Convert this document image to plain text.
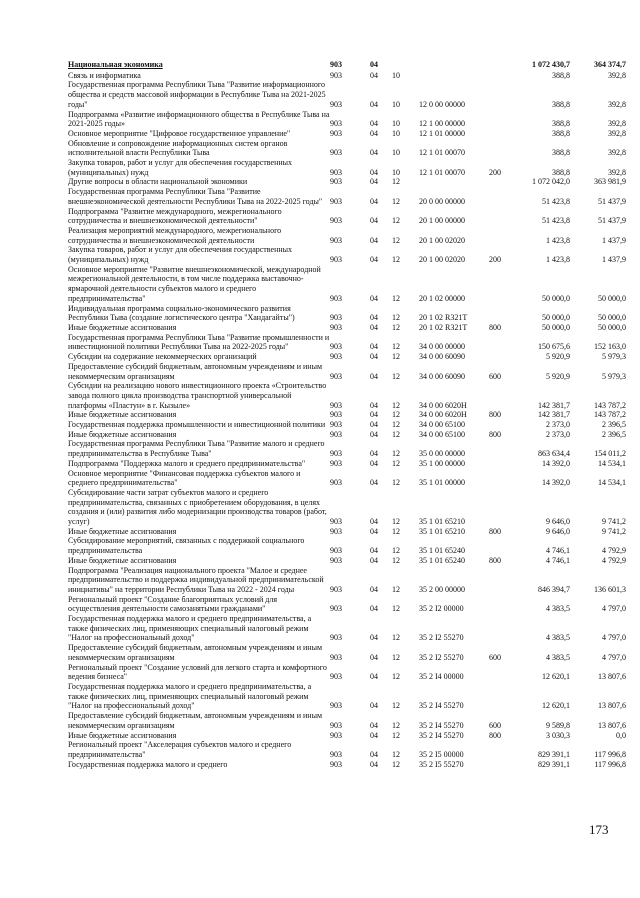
Национальная экономика	903	04				1 072 430,7	364 374,7
Связь и информатика	903	04	10			388,8	392,8
Государственная программа Республики Тыва "Развитие информационного общества и средств массовой информации в Республике Тыва на 2021-2025 годы"	903	04	10	12 0 00 00000		388,8	392,8
Подпрограмма «Развитие информационного общества в Республике Тыва на 2021-2025 годы»	903	04	10	12 1 00 00000		388,8	392,8
Основное мероприятие "Цифровое государственное управление"	903	04	10	12 1 01 00000		388,8	392,8
Обновление и сопровождение информационных систем органов исполнительной власти Республики Тыва	903	04	10	12 1 01 00070		388,8	392,8
Закупка товаров, работ и услуг для обеспечения государственных (муниципальных) нужд	903	04	10	12 1 01 00070	200	388,8	392,8
Другие вопросы в области национальной экономики	903	04	12			1 072 042,0	363 981,9
Государственная программа Республики Тыва "Развитие внешнеэкономической деятельности Республики Тыва на 2022-2025 годы"	903	04	12	20 0 00 00000		51 423,8	51 437,9
Подпрограмма "Развитие международного, межрегионального сотрудничества и внешнеэкономической деятельности"	903	04	12	20 1 00 00000		51 423,8	51 437,9
Реализация мероприятий международного, межрегионального сотрудничества и внешнеэкономической деятельности	903	04	12	20 1 00 02020		1 423,8	1 437,9
Закупка товаров, работ и услуг для обеспечения государственных (муниципальных) нужд	903	04	12	20 1 00 02020	200	1 423,8	1 437,9
Основное мероприятие "Развитие внешнеэкономической, международной межрегиональной деятельности, в том числе поддержка выставочно-ярмарочной деятельности субъектов малого и среднего предпринимательства"	903	04	12	20 1 02 00000		50 000,0	50 000,0
Индивидуальная программа социально-экономического развития Республики Тыва (создание логистического центра "Хандагайты")	903	04	12	20 1 02 R321T		50 000,0	50 000,0
Иные бюджетные ассигнования	903	04	12	20 1 02 R321T	800	50 000,0	50 000,0
Государственная программа Республики Тыва "Развитие промышленности и инвестиционной политики Республики Тыва на 2022-2025 годы"	903	04	12	34 0 00 00000		150 675,6	152 163,0
Субсидии на содержание некоммерческих организаций	903	04	12	34 0 00 60090		5 920,9	5 979,3
Предоставление субсидий бюджетным, автономным учреждениям и иным некоммерческим организациям	903	04	12	34 0 00 60090	600	5 920,9	5 979,3
Субсидии на реализацию нового инвестиционного проекта «Строительство завода полного цикла производства транспортной универсальной платформы «Пластун» в г. Кызыле»	903	04	12	34 0 00 6020Н		142 381,7	143 787,2
Иные бюджетные ассигнования	903	04	12	34 0 00 6020Н	800	142 381,7	143 787,2
Государственная поддержка промышленности и инвестиционной политики	903	04	12	34 0 00 65100		2 373,0	2 396,5
Иные бюджетные ассигнования	903	04	12	34 0 00 65100	800	2 373,0	2 396,5
Государственная программа Республики Тыва "Развитие малого и среднего предпринимательства в Республике Тыва"	903	04	12	35 0 00 00000		863 634,4	154 011,2
Подпрограмма "Поддержка малого и среднего предпринимательства"	903	04	12	35 1 00 00000		14 392,0	14 534,1
Основное мероприятие "Финансовая поддержка субъектов малого и среднего предпринимательства"	903	04	12	35 1 01 00000		14 392,0	14 534,1
Субсидирование части затрат субъектов малого и среднего предпринимательства, связанных с приобретением оборудования, в целях создания и (или) развития либо модернизации производства товаров (работ, услуг)	903	04	12	35 1 01 65210		9 646,0	9 741,2
Иные бюджетные ассигнования	903	04	12	35 1 01 65210	800	9 646,0	9 741,2
Субсидирование мероприятий, связанных с поддержкой социального предпринимательства	903	04	12	35 1 01 65240		4 746,1	4 792,9
Иные бюджетные ассигнования	903	04	12	35 1 01 65240	800	4 746,1	4 792,9
Подпрограмма "Реализация национального проекта "Малое и среднее предпринимательство и поддержка индивидуальной предпринимательской инициативы" на территории Республики Тыва на 2022 - 2024 годы	903	04	12	35 2 00 00000		846 394,7	136 601,3
Региональный проект "Создание благоприятных условий для осуществления деятельности самозанятыми гражданами"	903	04	12	35 2 I2 00000		4 383,5	4 797,0
Государственная поддержка малого и среднего предпринимательства, а также физических лиц, применяющих специальный налоговый режим "Налог на профессиональный доход"	903	04	12	35 2 I2 55270		4 383,5	4 797,0
Предоставление субсидий бюджетным, автономным учреждениям и иным некоммерческим организациям	903	04	12	35 2 I2 55270	600	4 383,5	4 797,0
Региональный проект "Создание условий для легкого старта и комфортного ведения бизнеса"	903	04	12	35 2 I4 00000		12 620,1	13 807,6
Государственная поддержка малого и среднего предпринимательства, а также физических лиц, применяющих специальный налоговый режим "Налог на профессиональный доход"	903	04	12	35 2 I4 55270		12 620,1	13 807,6
Предоставление субсидий бюджетным, автономным учреждениям и иным некоммерческим организациям	903	04	12	35 2 I4 55270	600	9 589,8	13 807,6
Иные бюджетные ассигнования	903	04	12	35 2 I4 55270	800	3 030,3	0,0
Региональный проект "Акселерация субъектов малого и среднего предпринимательства"	903	04	12	35 2 I5 00000		829 391,1	117 996,8
Государственная поддержка малого и среднего	903	04	12	35 2 I5 55270		829 391,1	117 996,8
173
